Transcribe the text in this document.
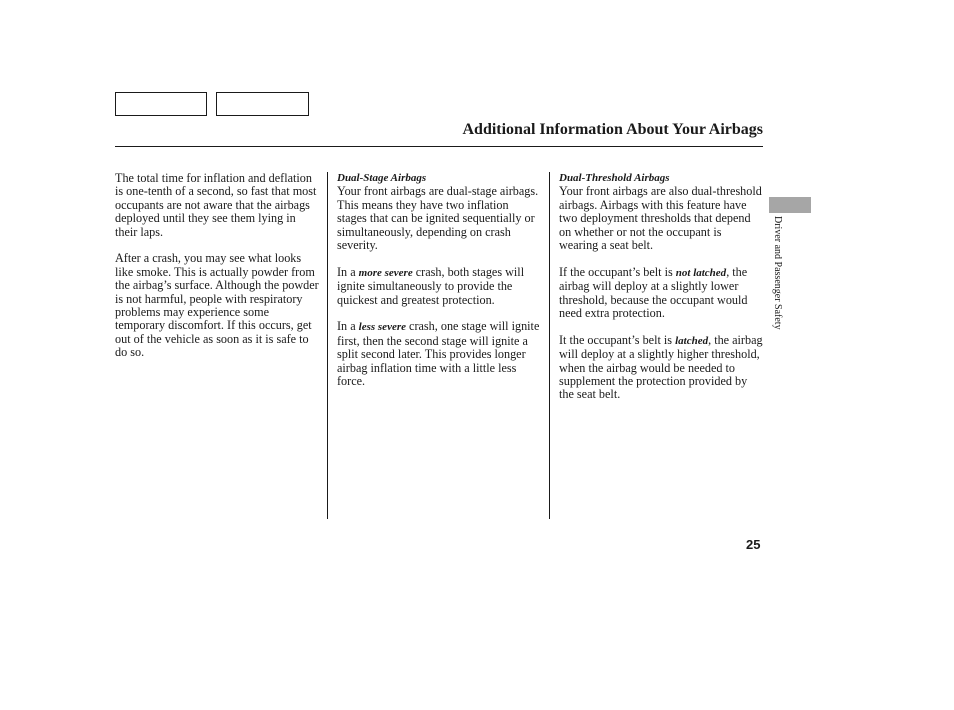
Additional Information About Your Airbags

The total time for inflation and deflation is one-tenth of a second, so fast that most occupants are not aware that the airbags deployed until they see them lying in their laps.

After a crash, you may see what looks like smoke. This is actually powder from the airbag’s surface. Although the powder is not harmful, people with respiratory problems may experience some temporary discomfort. If this occurs, get out of the vehicle as soon as it is safe to do so.

Dual-Stage Airbags

Your front airbags are dual-stage airbags. This means they have two inflation stages that can be ignited sequentially or simultaneously, depending on crash severity.

In a more severe crash, both stages will ignite simultaneously to provide the quickest and greatest protection.

In a less severe crash, one stage will ignite first, then the second stage will ignite a split second later. This provides longer airbag inflation time with a little less force.

Dual-Threshold Airbags

Your front airbags are also dual-threshold airbags. Airbags with this feature have two deployment thresholds that depend on whether or not the occupant is wearing a seat belt.

If the occupant’s belt is not latched, the airbag will deploy at a slightly lower threshold, because the occupant would need extra protection.

It the occupant’s belt is latched, the airbag will deploy at a slightly higher threshold, when the airbag would be needed to supplement the protection provided by the seat belt.

Driver and Passenger Safety
25
